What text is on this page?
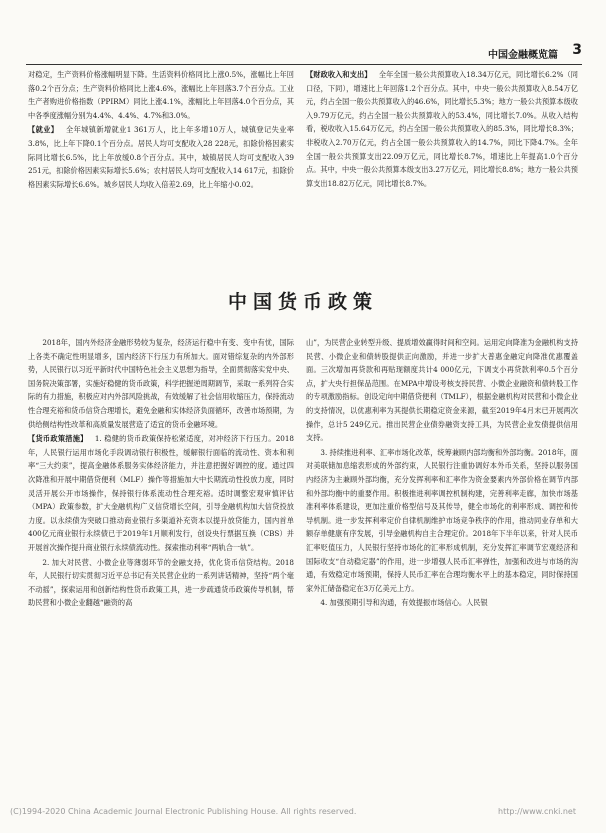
中国金融概览篇 3

对稳定，生产资料价格涨幅明显下降。生活资料价格同比上涨0.5%，涨幅比上年回落0.2个百分点；生产资料价格同比上涨4.6%，涨幅比上年回落3.7个百分点。工业生产者购进价格指数（PPIRM）同比上涨4.1%，涨幅比上年回落4.0个百分点，其中各季度涨幅分别为4.4%、4.4%、4.7%和3.0%。

【就业】  全年城镇新增就业1 361万人，比上年多增10万人，城镇登记失业率3.8%，比上年下降0.1个百分点。居民人均可支配收入28 228元，扣除价格因素实际同比增长6.5%，比上年放缓0.8个百分点。其中，城镇居民人均可支配收入39 251元，扣除价格因素实际增长5.6%；农村居民人均可支配收入14 617元，扣除价格因素实际增长6.6%。城乡居民人均收入倍差2.69，比上年缩小0.02。

【财政收入和支出】  全年全国一般公共预算收入18.34万亿元，同比增长6.2%（同口径，下同），增速比上年回落1.2个百分点。其中，中央一般公共预算收入8.54万亿元，约占全国一般公共预算收入的46.6%，同比增长5.3%；地方一般公共预算本级收入9.79万亿元，约占全国一般公共预算收入的53.4%，同比增长7.0%。从收入结构看，税收收入15.64万亿元，约占全国一般公共预算收入的85.3%，同比增长8.3%；非税收入2.70万亿元，约占全国一般公共预算收入的14.7%，同比下降4.7%。全年全国一般公共预算支出22.09万亿元，同比增长8.7%，增速比上年提高1.0个百分点。其中，中央一般公共预算本级支出3.27万亿元，同比增长8.8%；地方一般公共预算支出18.82万亿元，同比增长8.7%。

中国货币政策

2018年，国内外经济金融形势较为复杂，经济运行稳中有变、变中有忧，国际上各类不确定性明显增多，国内经济下行压力有所加大。面对错综复杂的内外部形势，人民银行以习近平新时代中国特色社会主义思想为指导，全面贯彻落实党中央、国务院决策部署，实施好稳健的货币政策，科学把握逆周期调节，采取一系列符合实际的有力措施，积极应对内外部风险挑战，有效缓解了社会信用收缩压力，保持流动性合理充裕和货币信贷合理增长，避免金融和实体经济负面循环，改善市场预期，为供给侧结构性改革和高质量发展营造了适宜的货币金融环境。

【货币政策措施】  1. 稳健的货币政策保持松紧适度，对冲经济下行压力。2018年，人民银行运用市场化手段调动银行积极性，缓解银行面临的流动性、资本和利率“三大约束”，提高金融体系服务实体经济能力，并注意把握好调控的度。通过四次降准和开展中期借贷便利（MLF）操作等措施加大中长期流动性投放力度，同时灵活开展公开市场操作，保持银行体系流动性合理充裕。适时调整宏观审慎评估（MPA）政策参数，扩大金融机构广义信贷增长空间，引导金融机构加大信贷投放力度。以永续债为突破口推动商业银行多渠道补充资本以提升放贷能力，国内首单400亿元商业银行永续债已于2019年1月顺利发行，创设央行票据互换（CBS）并开展首次操作提升商业银行永续债流动性。探索推动利率“两轨合一轨”。

2. 加大对民营、小微企业等薄弱环节的金融支持，优化货币信贷结构。2018年，人民银行切实贯彻习近平总书记有关民营企业的一系列讲话精神，坚持“两个毫不动摇”，探索运用和创新结构性货币政策工具，进一步疏通货币政策传导机制，帮助民营和小微企业翻越“融资的高

山”，为民营企业转型升级、提质增效赢得时间和空间。运用定向降准为金融机构支持民营、小微企业和债转股提供正向激励，并进一步扩大普惠金融定向降准优惠覆盖面。三次增加再贷款和再贴现额度共计4 000亿元，下调支小再贷款利率0.5个百分点，扩大央行担保品范围。在MPA中增设考核支持民营、小微企业融资和债转股工作的专项激励指标。创设定向中期借贷便利（TMLF），根据金融机构对民营和小微企业的支持情况，以优惠利率为其提供长期稳定资金来源，截至2019年4月末已开展两次操作，总计5 249亿元。推出民营企业债券融资支持工具，为民营企业发债提供信用支持。

3. 持续推进利率、汇率市场化改革，统筹兼顾内部均衡和外部均衡。2018年，面对美联储加息缩表形成的外部约束，人民银行注重协调好本外币关系，坚持以服务国内经济为主兼顾外部均衡，充分发挥利率和汇率作为资金要素内外部价格在调节内部和外部均衡中的重要作用。积极推进利率调控机制构建，完善利率走廊，加快市场基准利率体系建设，更加注重价格型信号及其传导，健全市场化的利率形成、调控和传导机制。进一步发挥利率定价自律机制维护市场竞争秩序的作用，推动同业存单和大额存单健康有序发展，引导金融机构自主合理定价。2018年下半年以来，针对人民币汇率贬值压力，人民银行坚持市场化的汇率形成机制，充分发挥汇率调节宏观经济和国际收支“自动稳定器”的作用，进一步增强人民币汇率弹性，加强和改进与市场的沟通，有效稳定市场预期，保持人民币汇率在合理均衡水平上的基本稳定，同时保持国家外汇储备稳定在3万亿美元上方。

4. 加强预期引导和沟通，有效提振市场信心。人民银

(C)1994-2020 China Academic Journal Electronic Publishing House. All rights reserved.	http://www.cnki.net
